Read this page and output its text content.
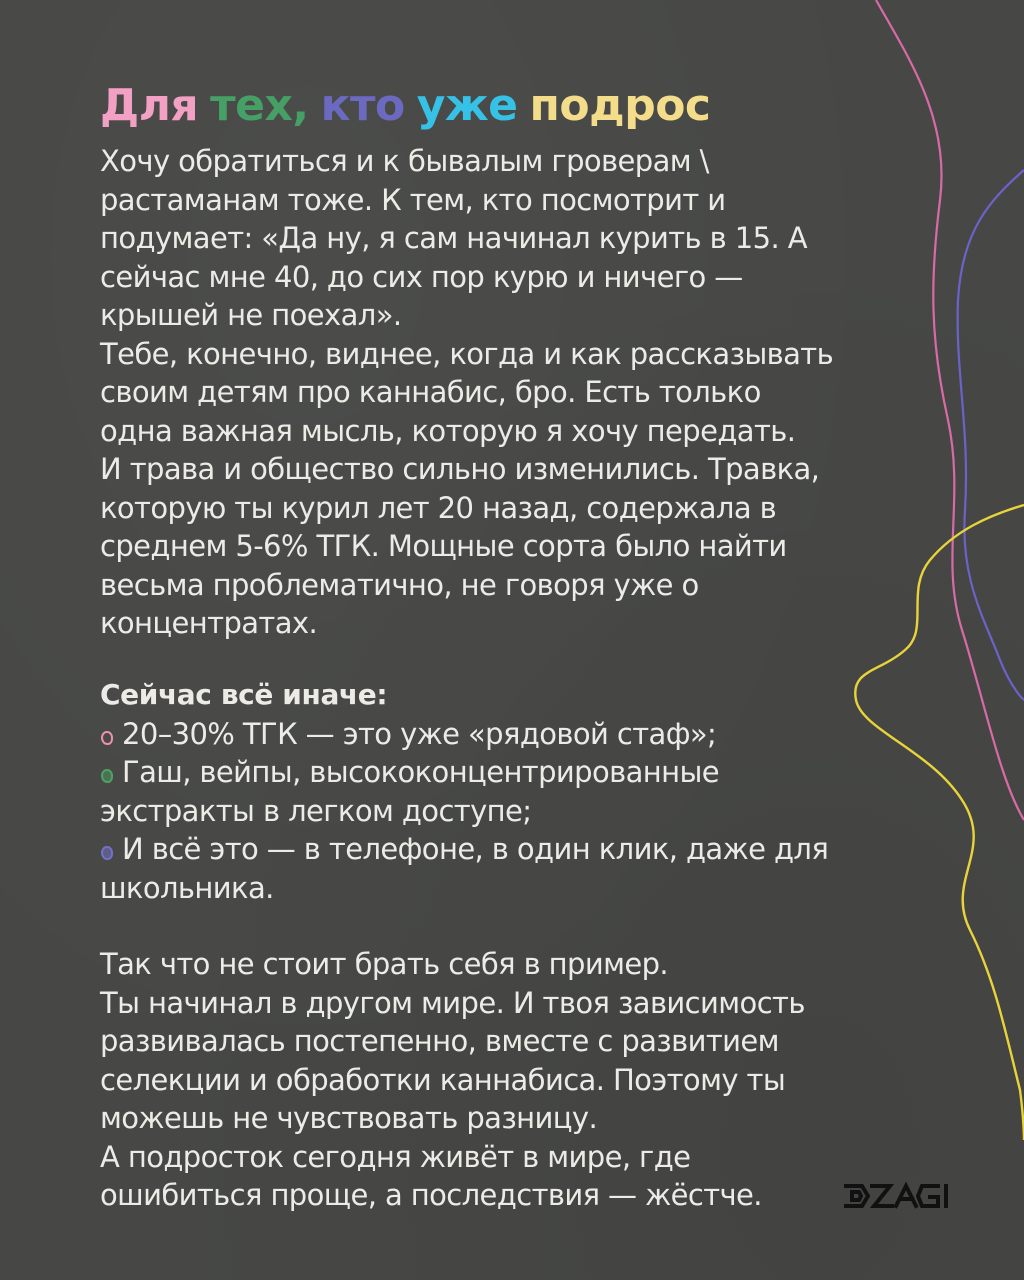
Для тех, кто уже подрос

Хочу обратиться и к бывалым гроверам \

растаманам тоже. К тем, кто посмотрит и

подумает: «Да ну, я сам начинал курить в 15. А

сейчас мне 40, до сих пор курю и ничего —

крышей не поехал».

Тебе, конечно, виднее, когда и как рассказывать

своим детям про каннабис, бро. Есть только

одна важная мысль, которую я хочу передать.

И трава и общество сильно изменились. Травка,

которую ты курил лет 20 назад, содержала в

среднем 5-6% ТГК. Мощные сорта было найти

весьма проблематично, не говоря уже о

концентратах.

Сейчас всё иначе:

20–30% ТГК — это уже «рядовой стаф»;

Гаш, вейпы, высококонцентрированные

экстракты в легком доступе;

И всё это — в телефоне, в один клик, даже для

школьника.

Так что не стоит брать себя в пример.

Ты начинал в другом мире. И твоя зависимость

развивалась постепенно, вместе с развитием

селекции и обработки каннабиса. Поэтому ты

можешь не чувствовать разницу.

А подросток сегодня живёт в мире, где

ошибиться проще, а последствия — жёстче.
